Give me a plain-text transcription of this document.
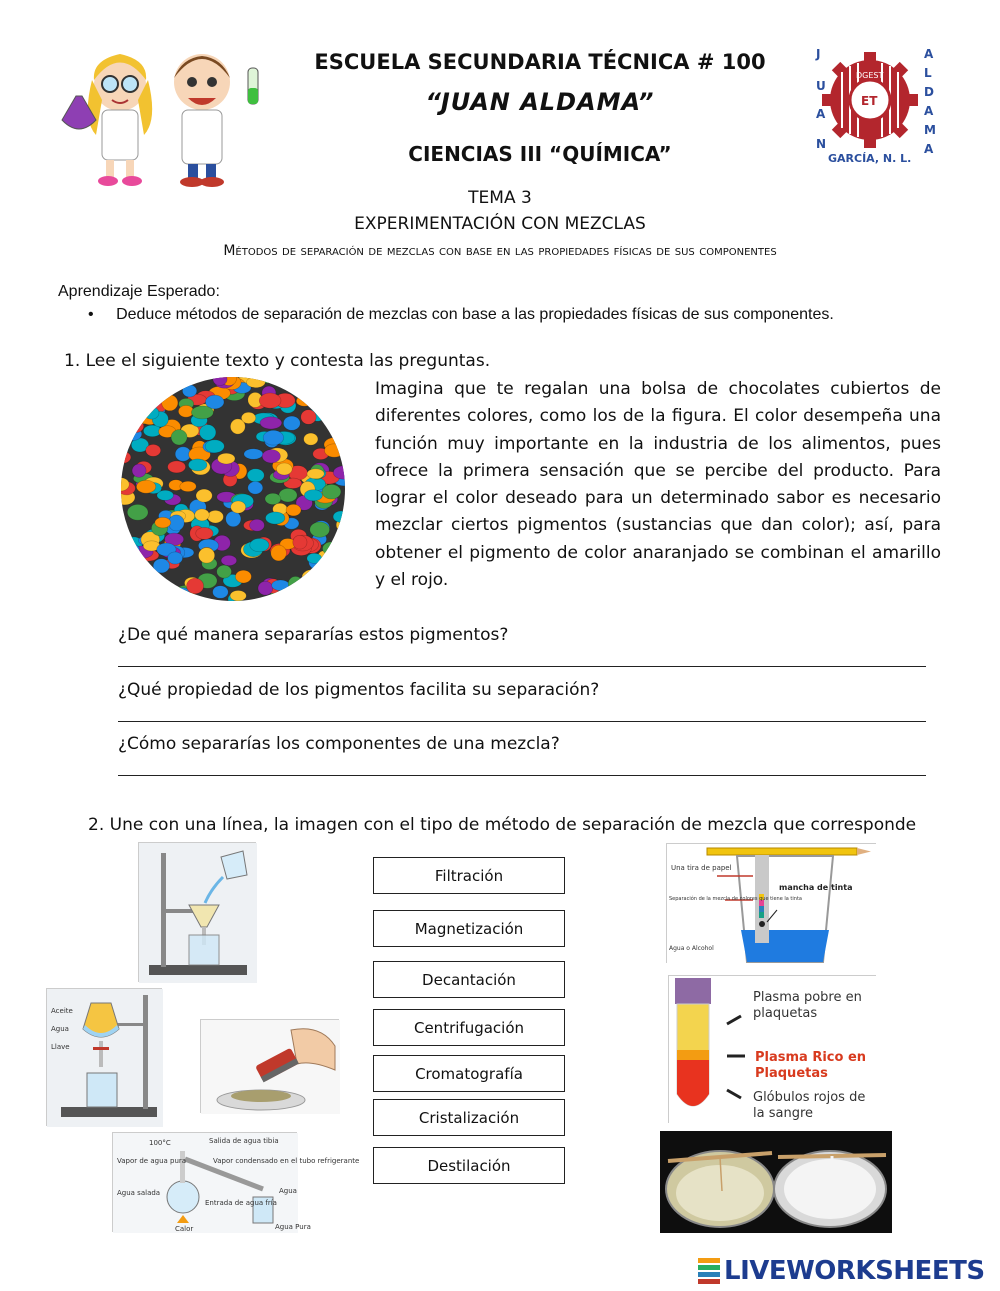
ESCUELA SECUNDARIA TÉCNICA # 100
“JUAN ALDAMA”
CIENCIAS III “QUÍMICA”
J
U
A
N
A
L
D
A
M
A
GARCÍA, N. L.
DGEST
ET
TEMA 3
EXPERIMENTACIÓN CON MEZCLAS
Métodos de separación de mezclas con base en las propiedades físicas de sus componentes
Aprendizaje Esperado:
• Deduce métodos de separación de mezclas con base a las propiedades físicas de sus componentes.
1. Lee el siguiente texto y contesta las preguntas.
Imagina que te regalan una bolsa de chocolates cubiertos de diferentes colores, como los de la figura. El color desempeña una función muy importante en la industria de los alimentos, pues ofrece la primera sensación que se percibe del producto. Para lograr el color deseado para un determinado sabor es necesario mezclar ciertos pigmentos (sustancias que dan color); así, para obtener el pigmento de color anaranjado se combinan el amarillo y el rojo.
¿De qué manera separarías estos pigmentos?
¿Qué propiedad de los pigmentos facilita su separación?
¿Cómo separarías los componentes de una mezcla?
2. Une con una línea, la imagen con el tipo de método de separación de mezcla que corresponde
Filtración
Magnetización
Decantación
Centrifugación
Cromatografía
Cristalización
Destilación
Aceite
Agua
Llave
100°C
Vapor de agua pura
Salida de agua tibia
Vapor condensado en el tubo refrigerante
Entrada de agua fría
Agua salada
Calor
Agua
Agua Pura
Una tira de papel
Separación de la mezcla de colores que tiene la tinta
mancha de tinta
Agua o Alcohol
Plasma pobre en plaquetas
Plasma Rico en Plaquetas
Glóbulos rojos de la sangre
LIVEWORKSHEETS
